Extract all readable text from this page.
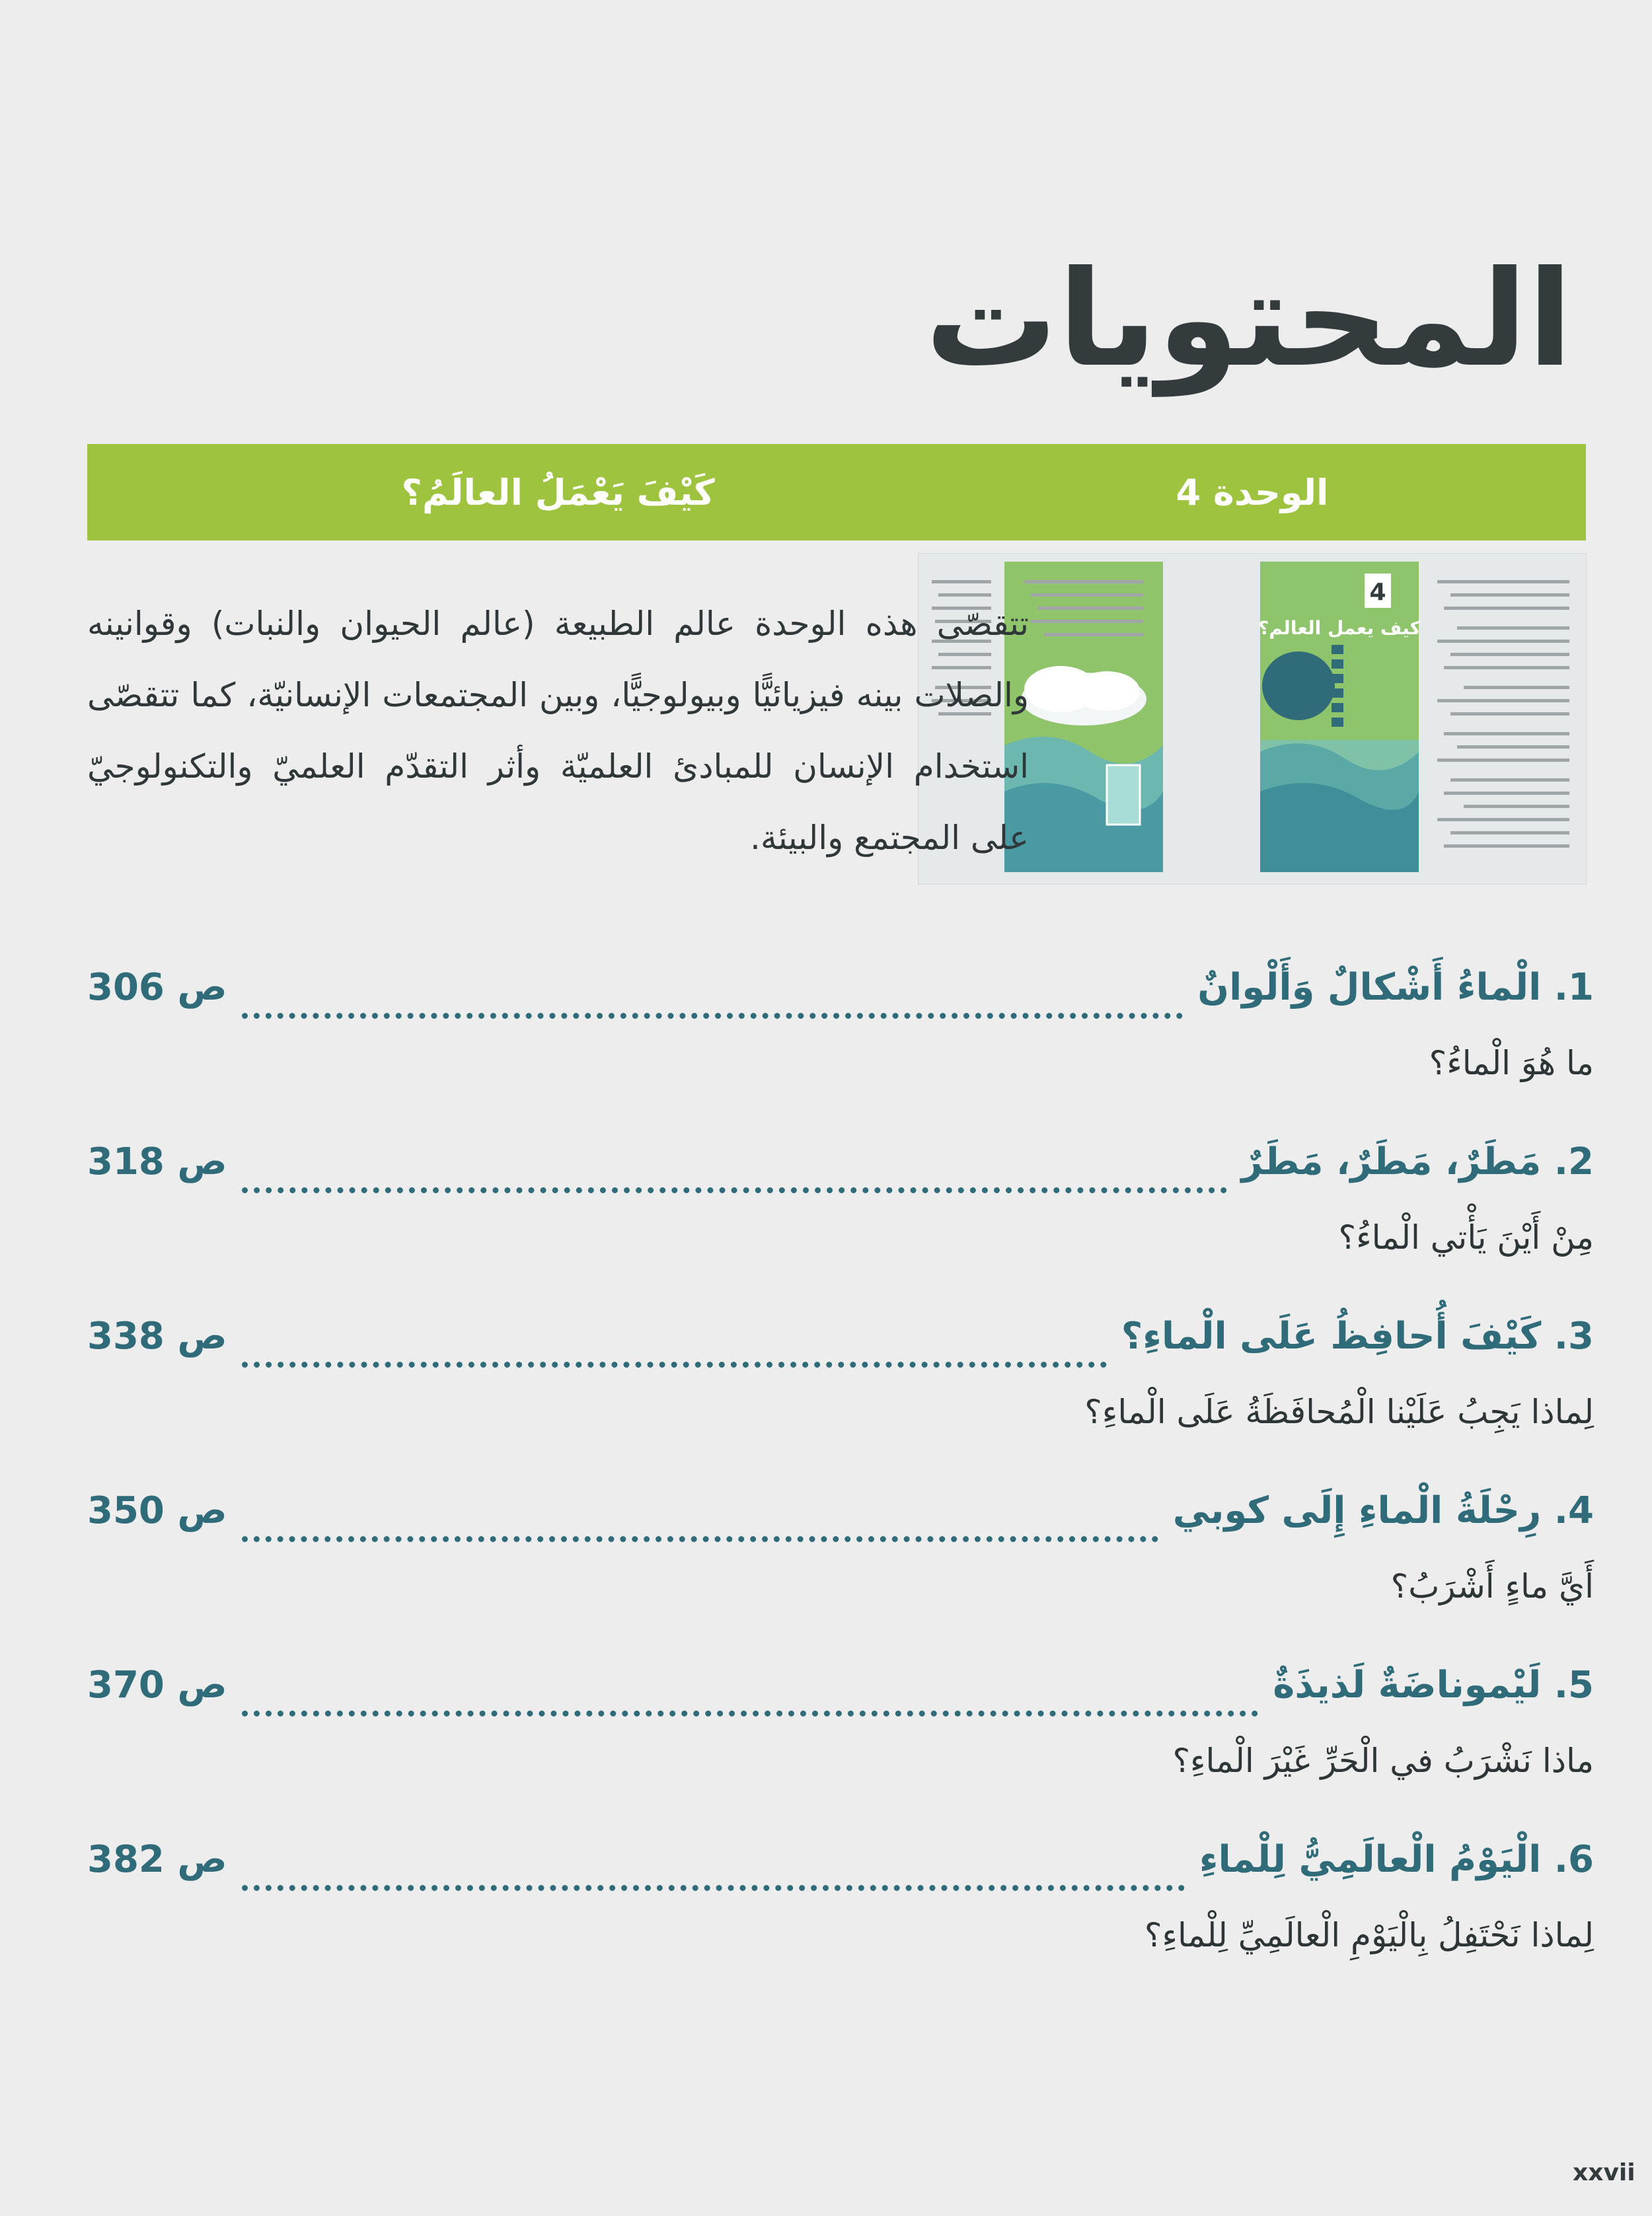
المحتويات
الوحدة 4
كَيْفَ يَعْمَلُ العالَمُ؟
4
كيف يعمل العالم؟

تتقصّى هذه الوحدة عالم الطبيعة (عالم الحيوان والنبات) وقوانينه والصلات بينه فيزيائيًّا وبيولوجيًّا، وبين المجتمعات الإنسانيّة، كما تتقصّى استخدام الإنسان للمبادئ العلميّة وأثر التقدّم العلميّ والتكنولوجيّ على المجتمع والبيئة.

1. الْماءُ أَشْكالٌ وَأَلْوانٌ
ص 306
ما هُوَ الْماءُ؟
2. مَطَرٌ، مَطَرٌ، مَطَرٌ
ص 318
مِنْ أَيْنَ يَأْتي الْماءُ؟
3. كَيْفَ أُحافِظُ عَلَى الْماءِ؟
ص 338
لِماذا يَجِبُ عَلَيْنا الْمُحافَظَةُ عَلَى الْماءِ؟
4. رِحْلَةُ الْماءِ إِلَى كوبي
ص 350
أَيَّ ماءٍ أَشْرَبُ؟
5. لَيْموناضَةٌ لَذيذَةٌ
ص 370
ماذا نَشْرَبُ في الْحَرِّ غَيْرَ الْماءِ؟
6. الْيَوْمُ الْعالَمِيُّ لِلْماءِ
ص 382
لِماذا نَحْتَفِلُ بِالْيَوْمِ الْعالَمِيِّ لِلْماءِ؟
xxvii
